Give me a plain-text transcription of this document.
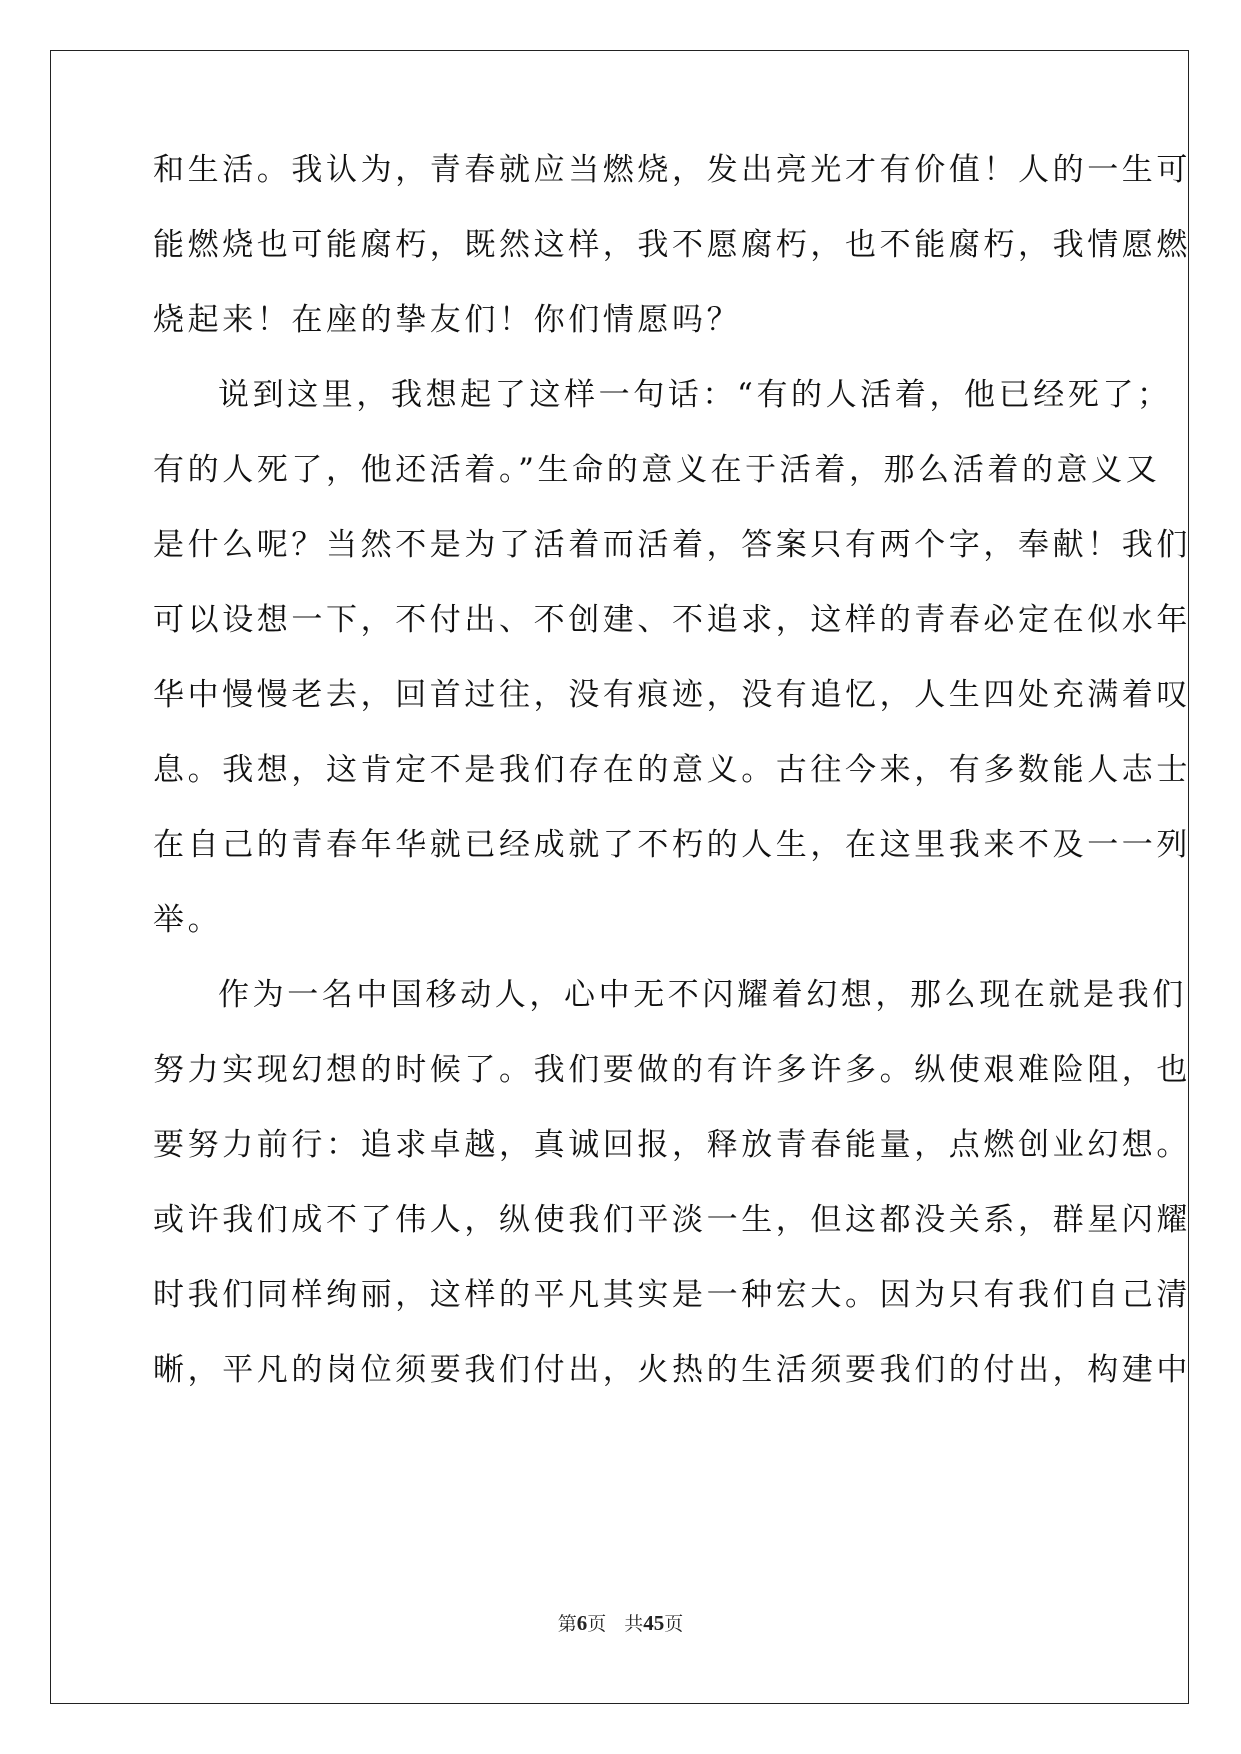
和生活。我认为，青春就应当燃烧，发出亮光才有价值！人的一生可
能燃烧也可能腐朽，既然这样，我不愿腐朽，也不能腐朽，我情愿燃
烧起来！在座的挚友们！你们情愿吗？
说到这里，我想起了这样一句话：“有的人活着，他已经死了；
有的人死了，他还活着。”生命的意义在于活着，那么活着的意义又
是什么呢？当然不是为了活着而活着，答案只有两个字，奉献！我们
可以设想一下，不付出、不创建、不追求，这样的青春必定在似水年
华中慢慢老去，回首过往，没有痕迹，没有追忆，人生四处充满着叹
息。我想，这肯定不是我们存在的意义。古往今来，有多数能人志士
在自己的青春年华就已经成就了不朽的人生，在这里我来不及一一列
举。
作为一名中国移动人，心中无不闪耀着幻想，那么现在就是我们
努力实现幻想的时候了。我们要做的有许多许多。纵使艰难险阻，也
要努力前行：追求卓越，真诚回报，释放青春能量，点燃创业幻想。
或许我们成不了伟人，纵使我们平淡一生，但这都没关系，群星闪耀
时我们同样绚丽，这样的平凡其实是一种宏大。因为只有我们自己清
晰，平凡的岗位须要我们付出，火热的生活须要我们的付出，构建中
第6页 共45页
